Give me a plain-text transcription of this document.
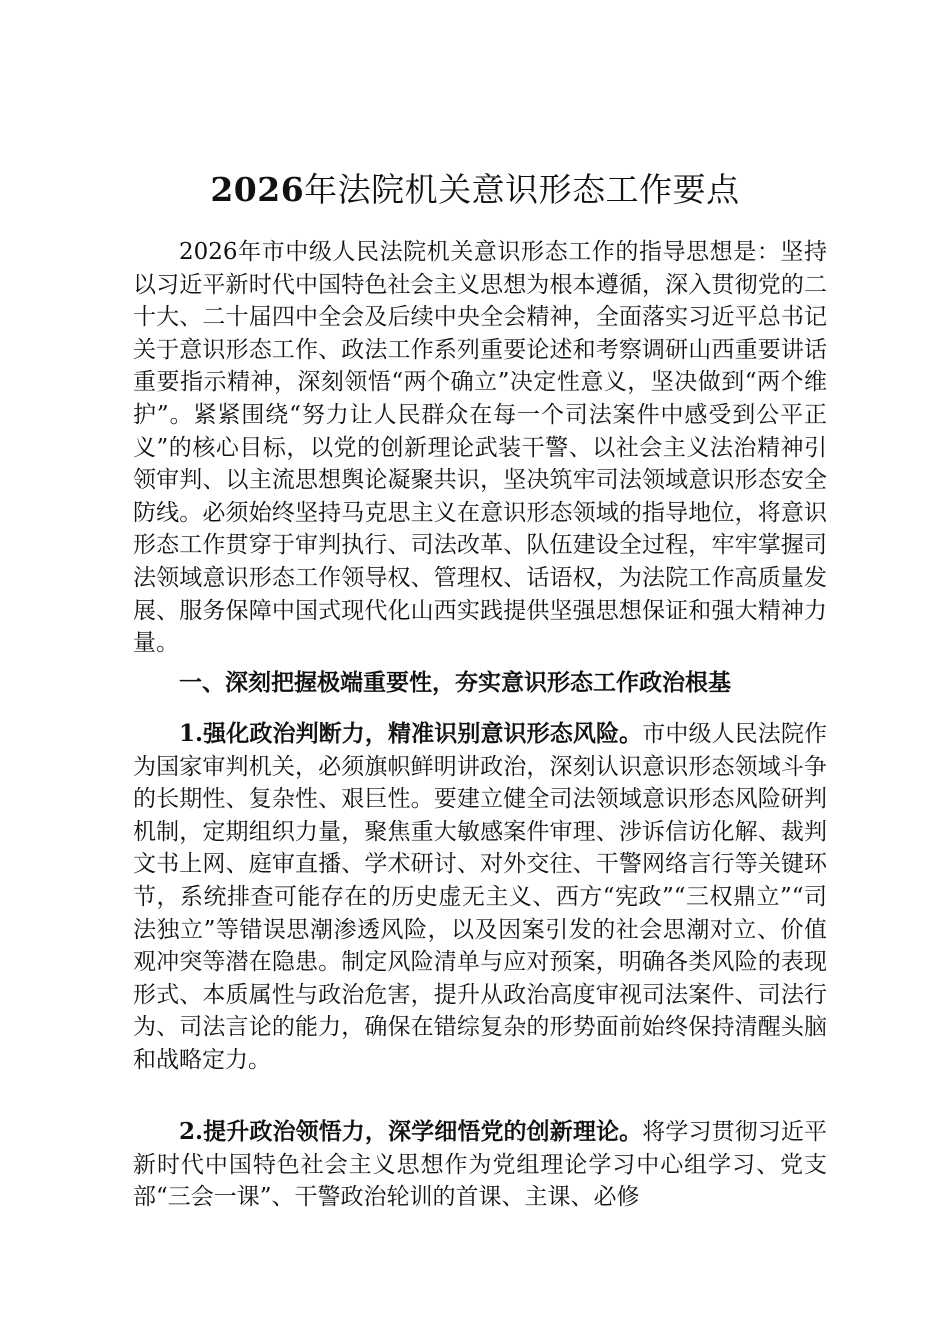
2026年法院机关意识形态工作要点

2026年市中级人民法院机关意识形态工作的指导思想是：坚持以习近平新时代中国特色社会主义思想为根本遵循，深入贯彻党的二十大、二十届四中全会及后续中央全会精神，全面落实习近平总书记关于意识形态工作、政法工作系列重要论述和考察调研山西重要讲话重要指示精神，深刻领悟“两个确立”决定性意义，坚决做到“两个维护”。紧紧围绕“努力让人民群众在每一个司法案件中感受到公平正义”的核心目标，以党的创新理论武装干警、以社会主义法治精神引领审判、以主流思想舆论凝聚共识，坚决筑牢司法领域意识形态安全防线。必须始终坚持马克思主义在意识形态领域的指导地位，将意识形态工作贯穿于审判执行、司法改革、队伍建设全过程，牢牢掌握司法领域意识形态工作领导权、管理权、话语权，为法院工作高质量发展、服务保障中国式现代化山西实践提供坚强思想保证和强大精神力量。

一、深刻把握极端重要性，夯实意识形态工作政治根基

1.强化政治判断力，精准识别意识形态风险。市中级人民法院作为国家审判机关，必须旗帜鲜明讲政治，深刻认识意识形态领域斗争的长期性、复杂性、艰巨性。要建立健全司法领域意识形态风险研判机制，定期组织力量，聚焦重大敏感案件审理、涉诉信访化解、裁判文书上网、庭审直播、学术研讨、对外交往、干警网络言行等关键环节，系统排查可能存在的历史虚无主义、西方“宪政”“三权鼎立”“司法独立”等错误思潮渗透风险，以及因案引发的社会思潮对立、价值观冲突等潜在隐患。制定风险清单与应对预案，明确各类风险的表现形式、本质属性与政治危害，提升从政治高度审视司法案件、司法行为、司法言论的能力，确保在错综复杂的形势面前始终保持清醒头脑和战略定力。

2.提升政治领悟力，深学细悟党的创新理论。将学习贯彻习近平新时代中国特色社会主义思想作为党组理论学习中心组学习、党支部“三会一课”、干警政治轮训的首课、主课、必修
